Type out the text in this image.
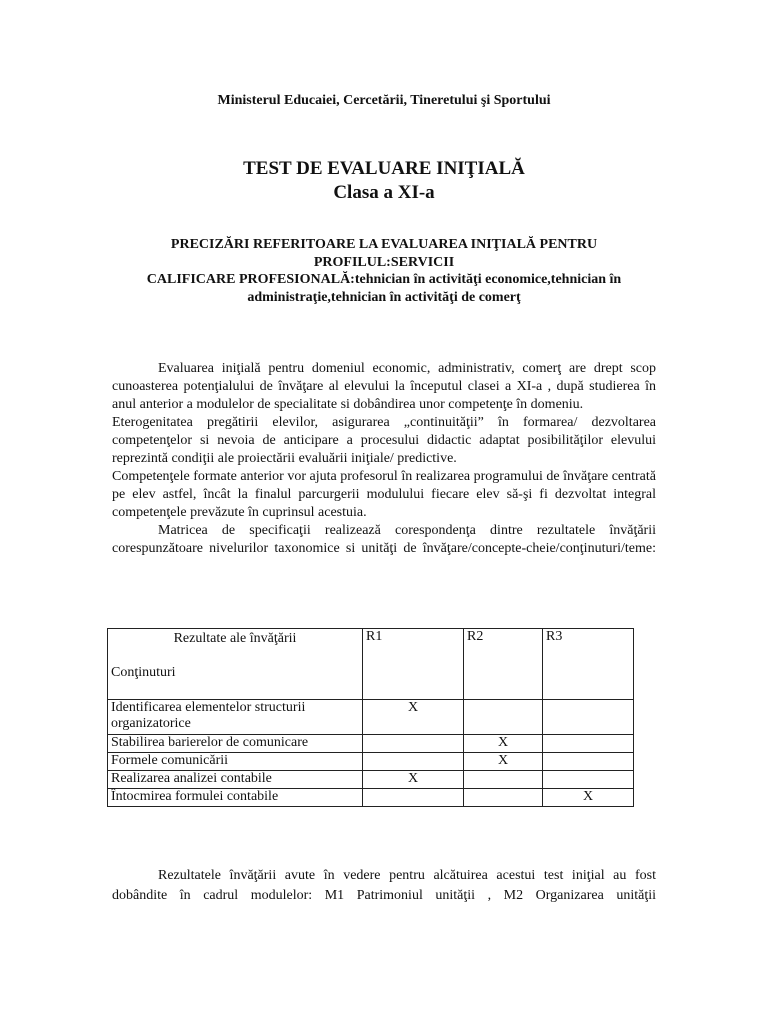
Ministerul Educaiei, Cercetării, Tineretului şi Sportului
TEST DE EVALUARE INIŢIALĂ
Clasa a XI-a
PRECIZĂRI REFERITOARE LA EVALUAREA INIŢIALĂ PENTRU PROFILUL:SERVICII
CALIFICARE PROFESIONALĂ:tehnician în activităţi economice,tehnician în administraţie,tehnician în activităţi de comerţ

Evaluarea iniţială pentru domeniul economic, administrativ, comerţ are drept scop cunoasterea potenţialului de învăţare al elevului la începutul clasei a XI-a , după studierea în anul anterior a modulelor de specialitate si dobândirea unor competenţe în domeniu.

Eterogenitatea pregătirii elevilor, asigurarea „continuităţii” în formarea/ dezvoltarea competenţelor si nevoia de anticipare a procesului didactic adaptat posibilităţilor elevului reprezintă condiţii ale proiectării evaluării iniţiale/ predictive.

Competenţele formate anterior vor ajuta profesorul în realizarea programului de învăţare centrată pe elev astfel, încât la finalul parcurgerii modulului fiecare elev să-şi fi dezvoltat integral competenţele prevăzute în cuprinsul acestuia.

Matricea de specificaţii realizează corespondenţa dintre rezultatele învăţării corespunzătoare nivelurilor taxonomice si unităţi de învăţare/concepte-cheie/conţinuturi/teme:

Rezultate ale învăţării
Conţinuturi	R1	R2	R3
Identificarea elementelor structurii organizatorice	X		
Stabilirea barierelor de comunicare		X	
Formele comunicării		X	
Realizarea analizei contabile	X		
Întocmirea formulei contabile			X

Rezultatele învăţării avute în vedere pentru alcătuirea acestui test iniţial au fost dobândite în cadrul modulelor: M1 Patrimoniul unităţii , M2 Organizarea unităţii
